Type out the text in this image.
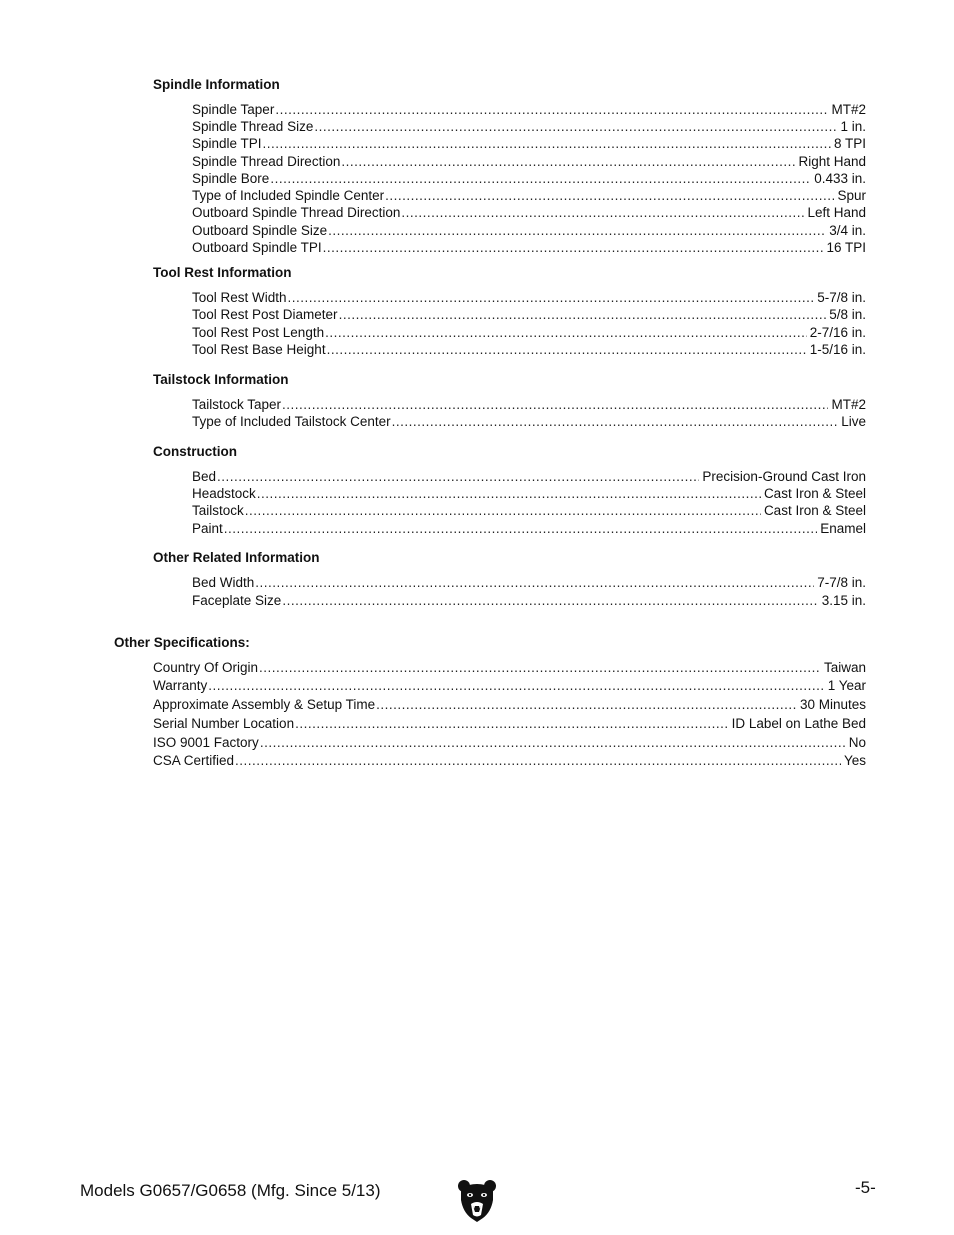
Spindle Information
Spindle Taper .....	MT#2
Spindle Thread Size .....	1 in.
Spindle TPI .....	8 TPI
Spindle Thread Direction .....	Right Hand
Spindle Bore .....	0.433 in.
Type of Included Spindle Center .....	Spur
Outboard Spindle Thread Direction .....	Left Hand
Outboard Spindle Size .....	3/4 in.
Outboard Spindle TPI .....	16 TPI
Tool Rest Information
Tool Rest Width .....	5-7/8 in.
Tool Rest Post Diameter .....	5/8 in.
Tool Rest Post Length .....	2-7/16 in.
Tool Rest Base Height .....	1-5/16 in.
Tailstock Information
Tailstock Taper .....	MT#2
Type of Included Tailstock Center .....	Live
Construction
Bed .....	Precision-Ground Cast Iron
Headstock .....	Cast Iron & Steel
Tailstock .....	Cast Iron & Steel
Paint .....	Enamel
Other Related Information
Bed Width .....	7-7/8 in.
Faceplate Size .....	3.15 in.
Other Specifications:
Country Of Origin .....	Taiwan
Warranty .....	1 Year
Approximate Assembly & Setup Time .....	30 Minutes
Serial Number Location .....	ID Label on Lathe Bed
ISO 9001 Factory .....	No
CSA Certified .....	Yes
Models G0657/G0658 (Mfg. Since 5/13)	-5-
